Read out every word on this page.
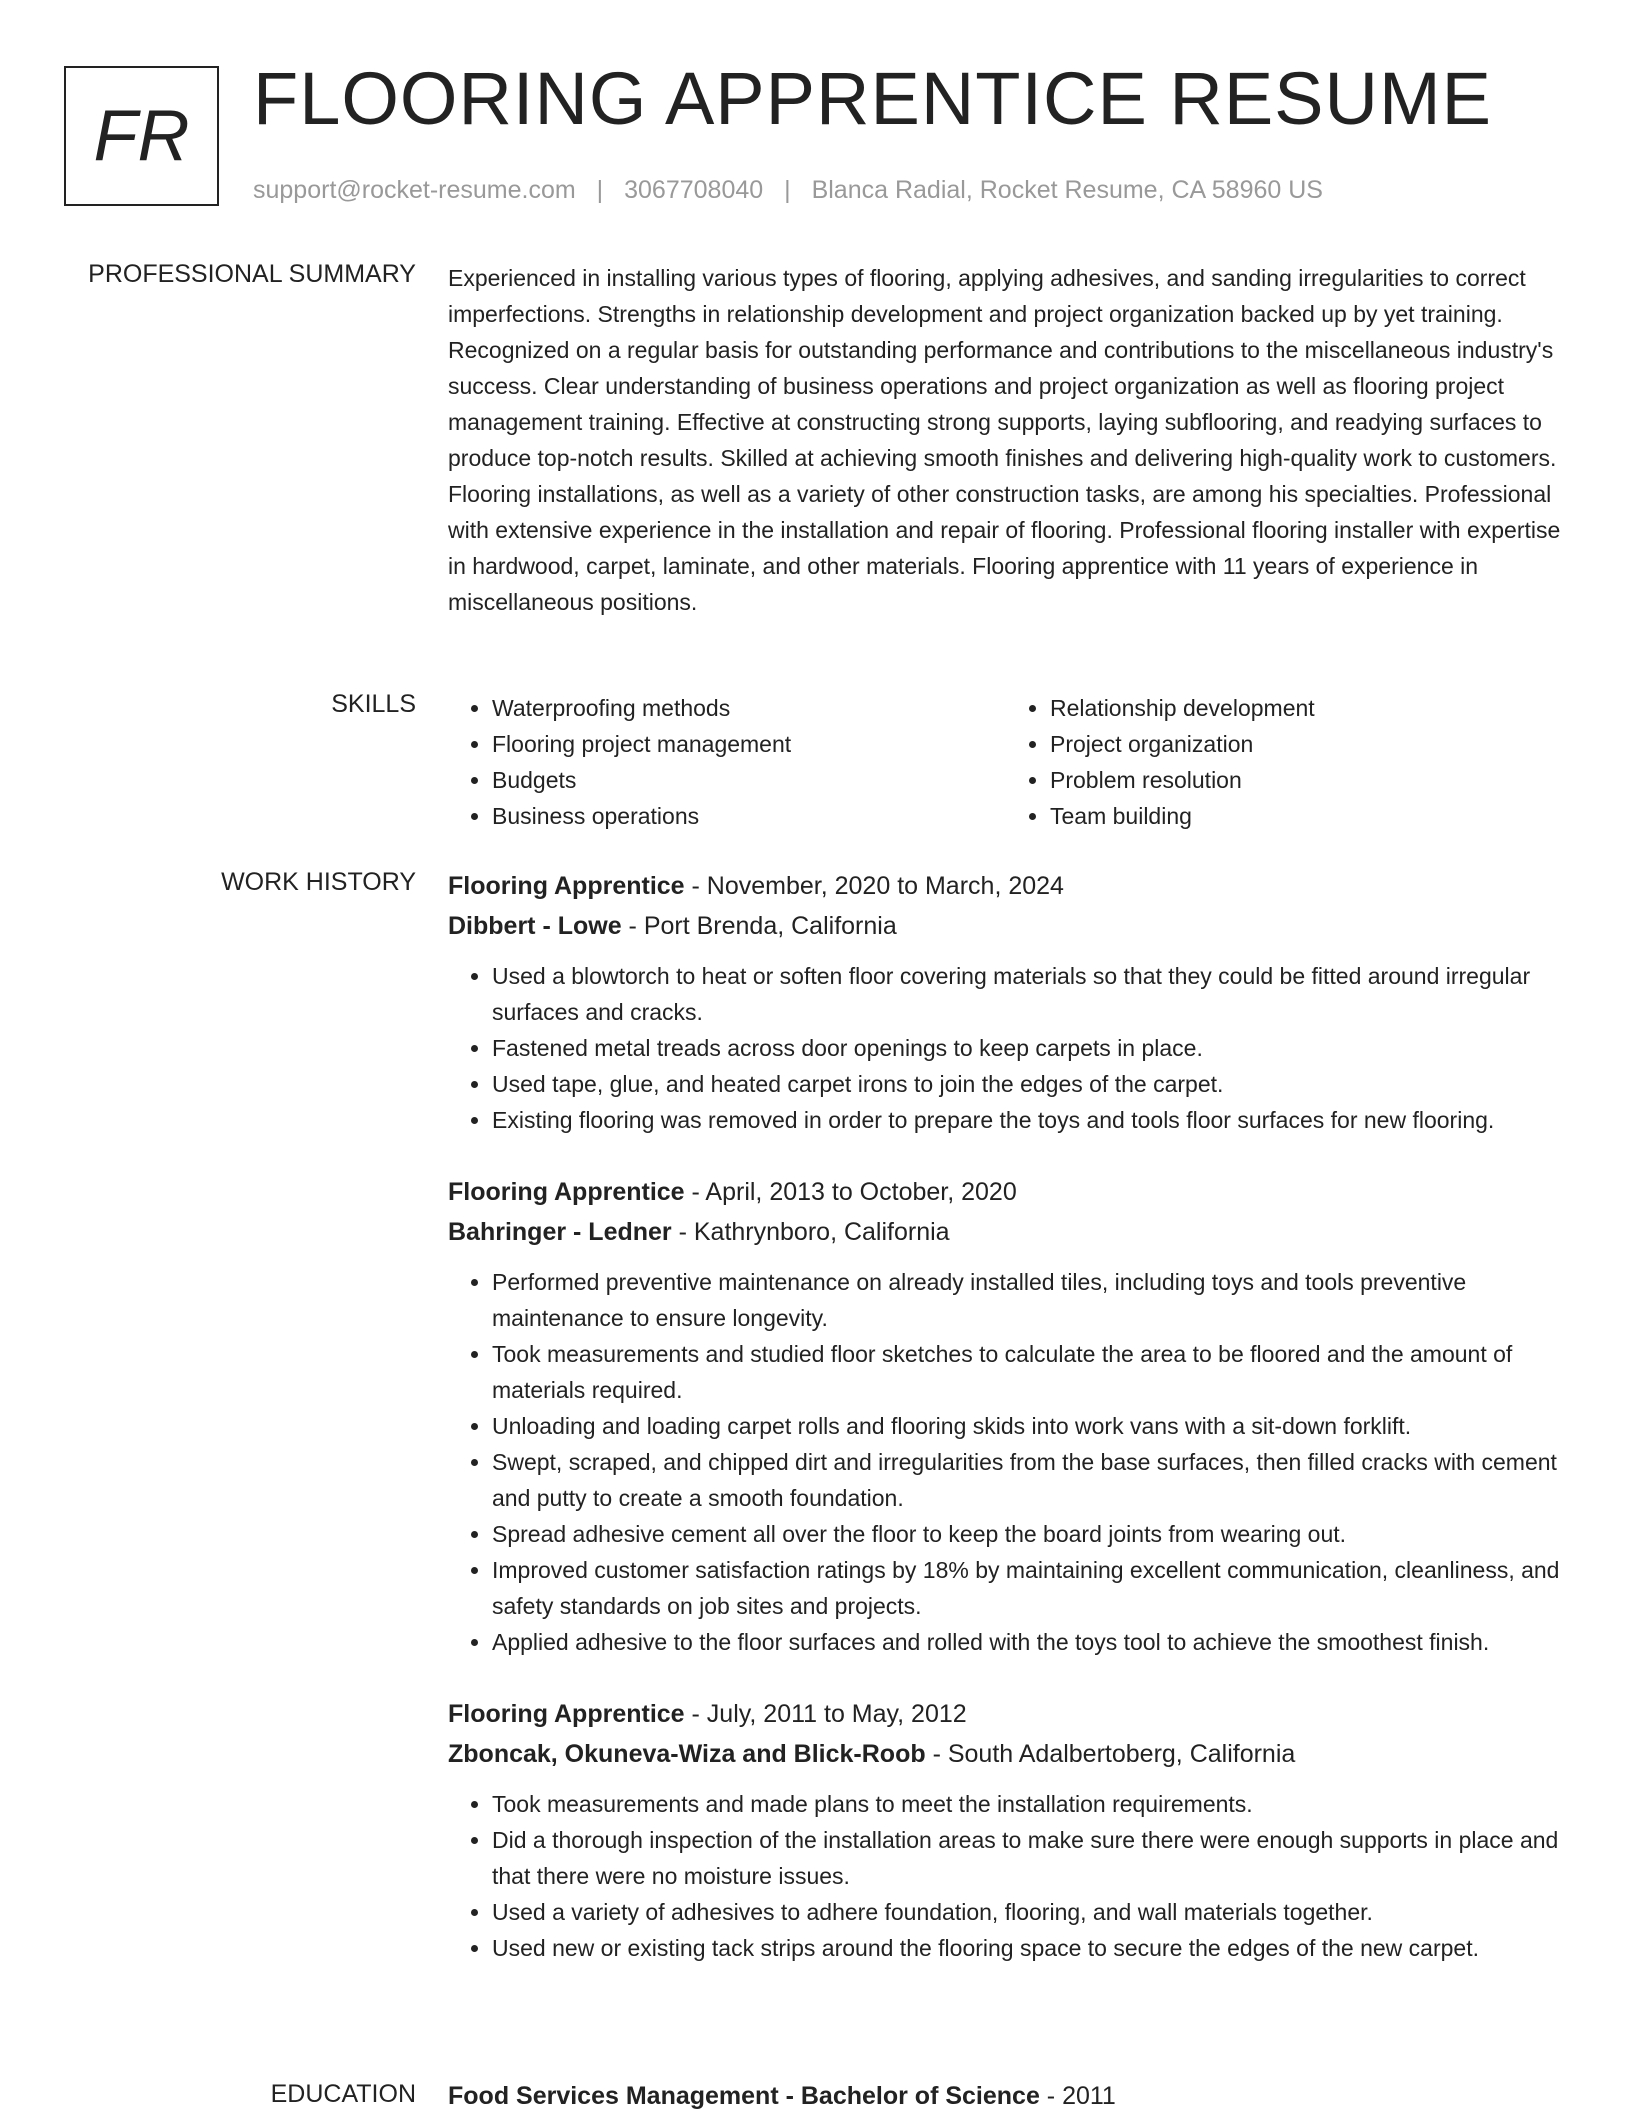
FR FLOORING APPRENTICE RESUME
support@rocket-resume.com | 3067708040 | Blanca Radial, Rocket Resume, CA 58960 US
PROFESSIONAL SUMMARY Experienced in installing various types of flooring, applying adhesives, and sanding irregularities to correct imperfections. Strengths in relationship development and project organization backed up by yet training. Recognized on a regular basis for outstanding performance and contributions to the miscellaneous industry's success. Clear understanding of business operations and project organization as well as flooring project management training. Effective at constructing strong supports, laying subflooring, and readying surfaces to produce top-notch results. Skilled at achieving smooth finishes and delivering high-quality work to customers. Flooring installations, as well as a variety of other construction tasks, are among his specialties. Professional with extensive experience in the installation and repair of flooring. Professional flooring installer with expertise in hardwood, carpet, laminate, and other materials. Flooring apprentice with 11 years of experience in miscellaneous positions.
SKILLS
•	Waterproofing methods
• Flooring project management
• Budgets
• Business operations
• Relationship development
• Project organization
• Problem resolution
• Team building
WORK HISTORY Flooring Apprentice - November, 2020 to March, 2024
Dibbert - Lowe - Port Brenda, California
• Used a blowtorch to heat or soften floor covering materials so that they could be fitted around irregular surfaces and cracks.
• Fastened metal treads across door openings to keep carpets in place.
• Used tape, glue, and heated carpet irons to join the edges of the carpet.
• Existing flooring was removed in order to prepare the toys and tools floor surfaces for new flooring.
Flooring Apprentice - April, 2013 to October, 2020
Bahringer - Ledner - Kathrynboro, California
• Performed preventive maintenance on already installed tiles, including toys and tools preventive maintenance to ensure longevity.
• Took measurements and studied floor sketches to calculate the area to be floored and the amount of materials required.
• Unloading and loading carpet rolls and flooring skids into work vans with a sit-down forklift.
• Swept, scraped, and chipped dirt and irregularities from the base surfaces, then filled cracks with cement and putty to create a smooth foundation.
• Spread adhesive cement all over the floor to keep the board joints from wearing out.
• Improved customer satisfaction ratings by 18% by maintaining excellent communication, cleanliness, and safety standards on job sites and projects.
• Applied adhesive to the floor surfaces and rolled with the toys tool to achieve the smoothest finish.
Flooring Apprentice - July, 2011 to May, 2012
Zboncak, Okuneva-Wiza and Blick-Roob - South Adalbertoberg, California
• Took measurements and made plans to meet the installation requirements.
• Did a thorough inspection of the installation areas to make sure there were enough supports in place and that there were no moisture issues.
• Used a variety of adhesives to adhere foundation, flooring, and wall materials together.
• Used new or existing tack strips around the flooring space to secure the edges of the new carpet.
EDUCATION Food Services Management - Bachelor of Science - 2011
